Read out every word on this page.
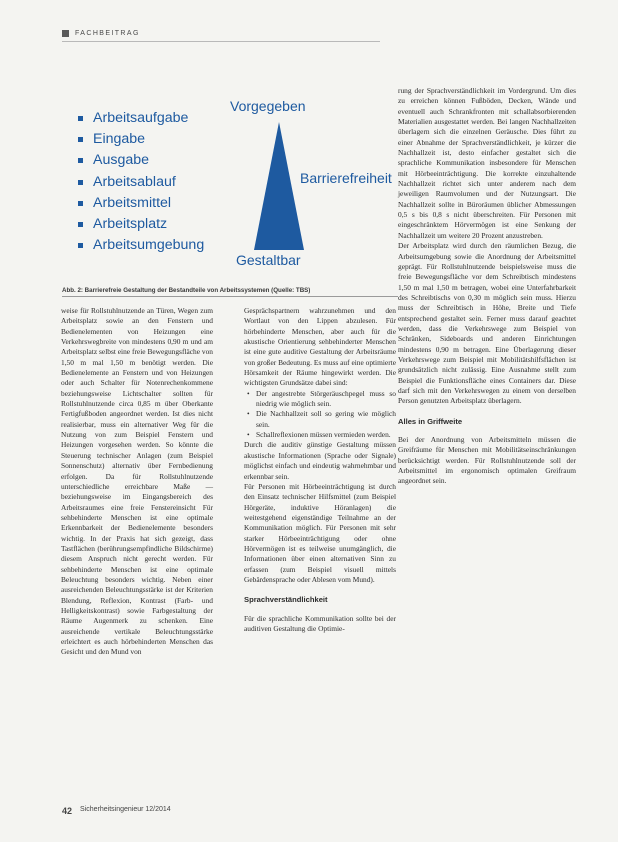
FACHBEITRAG
Arbeitsaufgabe
Eingabe
Ausgabe
Arbeitsablauf
Arbeitsmittel
Arbeitsplatz
Arbeitsumgebung
Vorgegeben
Barrierefreiheit
Gestaltbar
Abb. 2: Barrierefreie Gestaltung der Bestandteile von Arbeitssystemen (Quelle: TBS)

weise für Rollstuhlnutzende an Türen, Wegen zum Arbeitsplatz sowie an den Fenstern und Bedienelementen von Heizungen eine Verkehrswegbreite von mindestens 0,90 m und am Arbeitsplatz selbst eine freie Bewegungsfläche von 1,50 m mal 1,50 m benötigt werden. Die Bedienelemente an Fenstern und von Heizungen oder auch Schalter für Notenrechenkommene beziehungsweise Lichtschalter sollten für Rollstuhlnutzende circa 0,85 m über Oberkante Fertigfußboden angeordnet werden. Ist dies nicht realisierbar, muss ein alternativer Weg für die Nutzung von zum Beispiel Fenstern und Heizungen vorgesehen werden. So könnte die Steuerung technischer Anlagen (zum Beispiel Sonnenschutz) alternativ über Fernbedienung erfolgen. Da für Rollstuhlnutzende unterschiedliche erreichbare Maße — beziehungsweise im Eingangsbereich des Arbeitsraumes eine freie Fenstereinsicht Für sehbehinderte Menschen ist eine optimale Erkennbarkeit der Bedienelemente besonders wichtig. In der Praxis hat sich gezeigt, dass Tastflächen (berührungsempfindliche Bildschirme) diesem Anspruch nicht gerecht werden. Für sehbehinderte Menschen ist eine optimale Beleuchtung besonders wichtig. Neben einer ausreichenden Beleuchtungsstärke ist der Kriterien Blendung, Reflexion, Kontrast (Farb- und Helligkeitskontrast) sowie Farbgestaltung der Räume Augenmerk zu schenken. Eine ausreichende vertikale Beleuchtungsstärke erleichtert es auch hörbehinderten Menschen das Gesicht und den Mund von

Gesprächspartnern wahrzunehmen und den Wortlaut von den Lippen abzulesen. Für hörbehinderte Menschen, aber auch für die akustische Orientierung sehbehinderter Menschen ist eine gute auditive Gestaltung der Arbeitsräume von großer Bedeutung. Es muss auf eine optimierte Hörsamkeit der Räume hingewirkt werden. Die wichtigsten Grundsätze dabei sind:

• Der angestrebte Störgeräuschpegel muss so niedrig wie möglich sein.
• Die Nachhallzeit soll so gering wie möglich sein.
• Schallreflexionen müssen vermieden werden.

Durch die auditiv günstige Gestaltung müssen akustische Informationen (Sprache oder Signale) möglichst einfach und eindeutig wahrnehmbar und erkennbar sein.

Für Personen mit Hörbeeinträchtigung ist durch den Einsatz technischer Hilfsmittel (zum Beispiel Hörgeräte, induktive Höranlagen) die weitestgehend eigenständige Teilnahme an der Kommunikation möglich. Für Personen mit sehr starker Hörbeeinträchtigung oder ohne Hörvermögen ist es teilweise unumgänglich, die Informationen über einen alternativen Sinn zu erfassen (zum Beispiel visuell mittels Gebärdensprache oder Ablesen vom Mund).

Sprachverständlichkeit

Für die sprachliche Kommunikation sollte bei der auditiven Gestaltung die Optimie-

rung der Sprachverständlichkeit im Vordergrund. Um dies zu erreichen können Fußböden, Decken, Wände und eventuell auch Schrankfronten mit schallabsorbierenden Materialien ausgestattet werden. Bei langen Nachhallzeiten überlagern sich die einzelnen Geräusche. Dies führt zu einer Abnahme der Sprachverständlichkeit, je kürzer die Nachhallzeit ist, desto einfacher gestaltet sich die sprachliche Kommunikation insbesondere für Menschen mit Hörbeeinträchtigung. Die korrekte einzuhaltende Nachhallzeit richtet sich unter anderem nach dem jeweiligen Raumvolumen und der Nutzungsart. Die Nachhallzeit sollte in Büroräumen üblicher Abmessungen 0,5 s bis 0,8 s nicht überschreiten. Für Personen mit eingeschränktem Hörvermögen ist eine Senkung der Nachhallzeit um weitere 20 Prozent anzustreben.

Der Arbeitsplatz wird durch den räumlichen Bezug, die Arbeitsumgebung sowie die Anordnung der Arbeitsmittel geprägt. Für Rollstuhlnutzende beispielsweise muss die freie Bewegungsfläche vor dem Schreibtisch mindestens 1,50 m mal 1,50 m betragen, wobei eine Unterfahrbarkeit des Schreibtischs von 0,30 m möglich sein muss. Hierzu muss der Schreibtisch in Höhe, Breite und Tiefe entsprechend gestaltet sein. Ferner muss darauf geachtet werden, dass die Verkehrswege zum Beispiel von Schränken, Sideboards und anderen Einrichtungen mindestens 0,90 m betragen. Eine Überlagerung dieser Verkehrswege zum Beispiel mit Mobilitätshilfsflächen ist grundsätzlich nicht zulässig. Eine Ausnahme stellt zum Beispiel die Funktionsfläche eines Containers dar. Diese darf sich mit den Verkehrswegen zu einem von derselben Person genutzten Arbeitsplatz überlagern.

Alles in Griffweite

Bei der Anordnung von Arbeitsmitteln müssen die Greifräume für Menschen mit Mobilitätseinschränkungen berücksichtigt werden. Für Rollstuhlnutzende soll der Arbeitsmittel im ergonomisch optimalen Greifraum angeordnet sein.

42 Sicherheitsingenieur 12/2014
